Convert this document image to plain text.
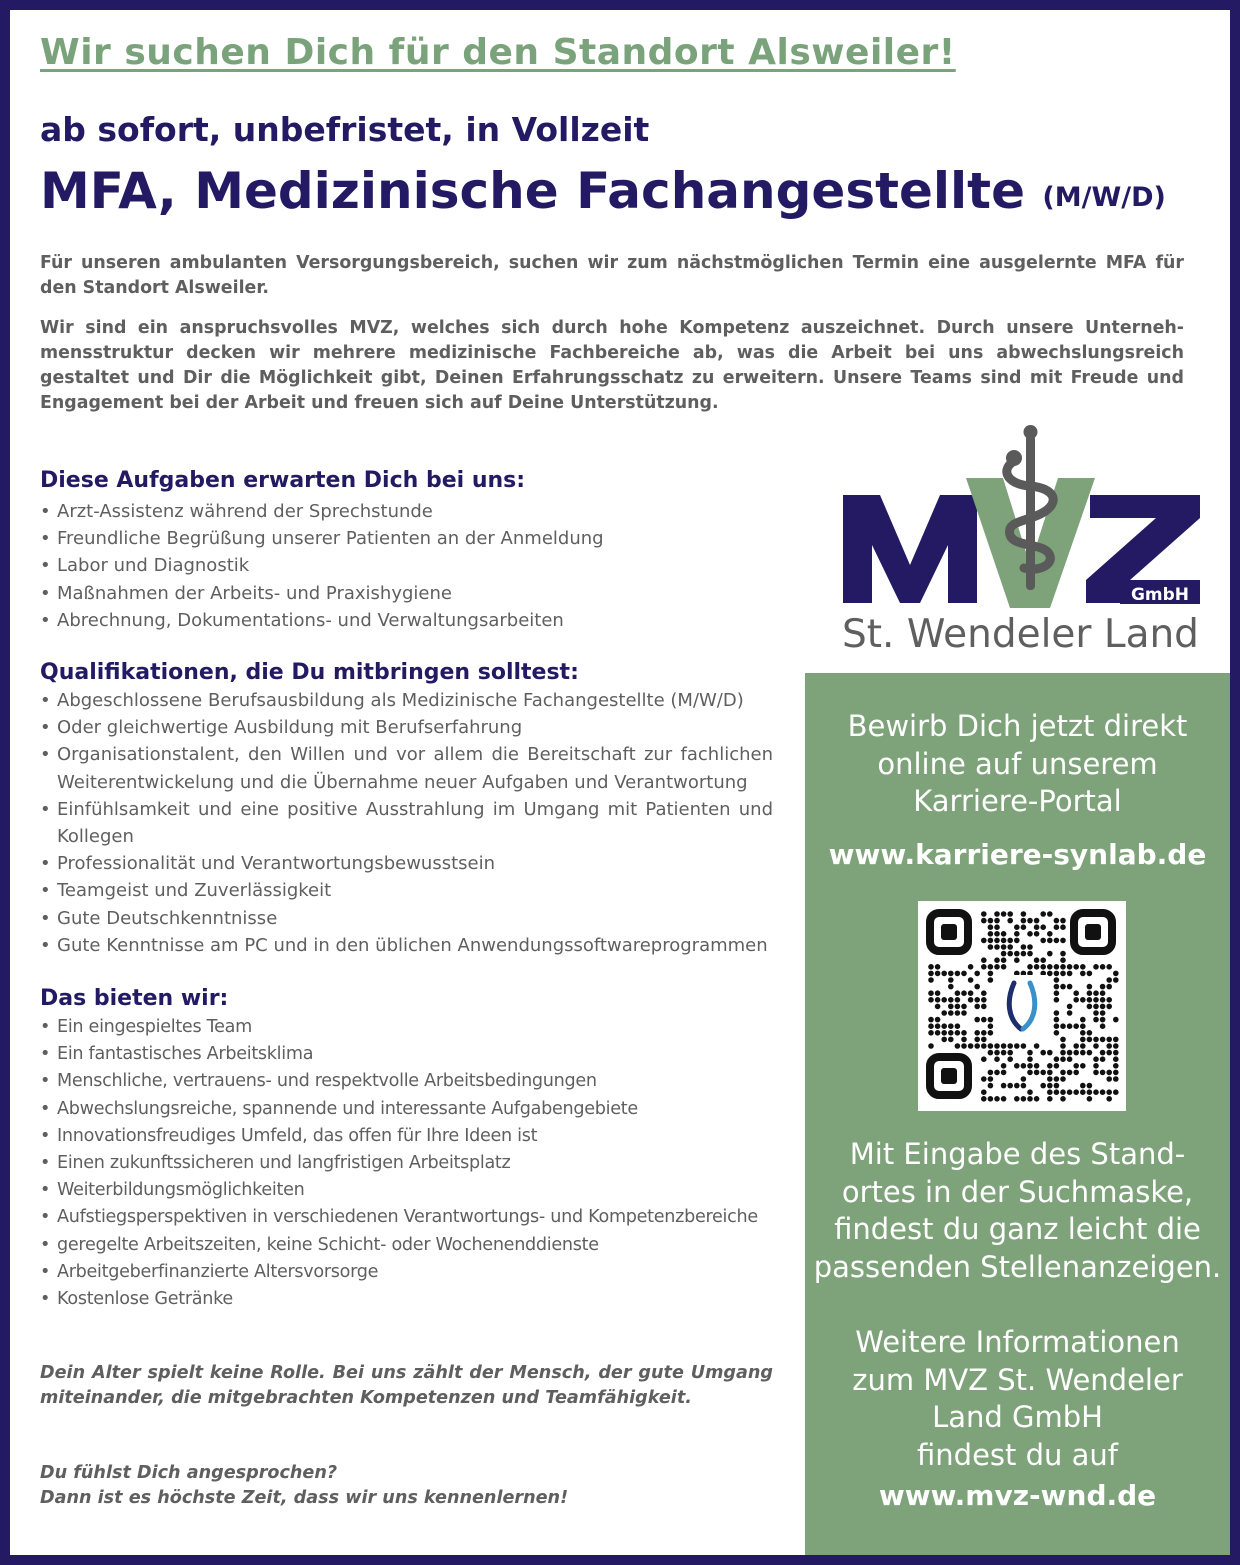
Wir suchen Dich für den Standort Alsweiler!
ab sofort, unbefristet, in Vollzeit
MFA, Medizinische Fachangestellte (M/W/D)

Für unseren ambulanten Versorgungsbereich, suchen wir zum nächstmöglichen Termin eine ausgelernte MFA für den Standort Alsweiler.

Wir sind ein anspruchsvolles MVZ, welches sich durch hohe Kompetenz auszeichnet. Durch unsere Unternehmensstruktur decken wir mehrere medizinische Fachbereiche ab, was die Arbeit bei uns abwechslungsreich gestaltet und Dir die Möglichkeit gibt, Deinen Erfahrungsschatz zu erweitern. Unsere Teams sind mit Freude und Engagement bei der Arbeit und freuen sich auf Deine Unterstützung.

Diese Aufgaben erwarten Dich bei uns:
• Arzt-Assistenz während der Sprechstunde
• Freundliche Begrüßung unserer Patienten an der Anmeldung
• Labor und Diagnostik
• Maßnahmen der Arbeits- und Praxishygiene
• Abrechnung, Dokumentations- und Verwaltungsarbeiten
Qualifikationen, die Du mitbringen solltest:
• Abgeschlossene Berufsausbildung als Medizinische Fachangestellte (M/W/D)
• Oder gleichwertige Ausbildung mit Berufserfahrung
• Organisationstalent, den Willen und vor allem die Bereitschaft zur fachlichen Weiterentwickelung und die Übernahme neuer Aufgaben und Verantwortung
• Einfühlsamkeit und eine positive Ausstrahlung im Umgang mit Patienten und Kollegen
• Professionalität und Verantwortungsbewusstsein
• Teamgeist und Zuverlässigkeit
• Gute Deutschkenntnisse
• Gute Kenntnisse am PC und in den üblichen Anwendungssoftwareprogrammen
Das bieten wir:
• Ein eingespieltes Team
• Ein fantastisches Arbeitsklima
• Menschliche, vertrauens- und respektvolle Arbeitsbedingungen
• Abwechslungsreiche, spannende und interessante Aufgabengebiete
• Innovationsfreudiges Umfeld, das offen für Ihre Ideen ist
• Einen zukunftssicheren und langfristigen Arbeitsplatz
• Weiterbildungsmöglichkeiten
• Aufstiegsperspektiven in verschiedenen Verantwortungs- und Kompetenzbereiche
• geregelte Arbeitszeiten, keine Schicht- oder Wochenenddienste
• Arbeitgeberfinanzierte Altersvorsorge
• Kostenlose Getränke

Dein Alter spielt keine Rolle. Bei uns zählt der Mensch, der gute Umgang miteinander, die mitgebrachten Kompetenzen und Teamfähigkeit.

Du fühlst Dich angesprochen?

Dann ist es höchste Zeit, dass wir uns kennenlernen!

GmbH
St. Wendeler Land
Bewirb Dich jetzt direkt
online auf unserem
Karriere-Portal
www.karriere-synlab.de
Mit Eingabe des Stand-
ortes in der Suchmaske,
findest du ganz leicht die
passenden Stellenanzeigen.
Weitere Informationen
zum MVZ St. Wendeler
Land GmbH
findest du auf
www.mvz-wnd.de
